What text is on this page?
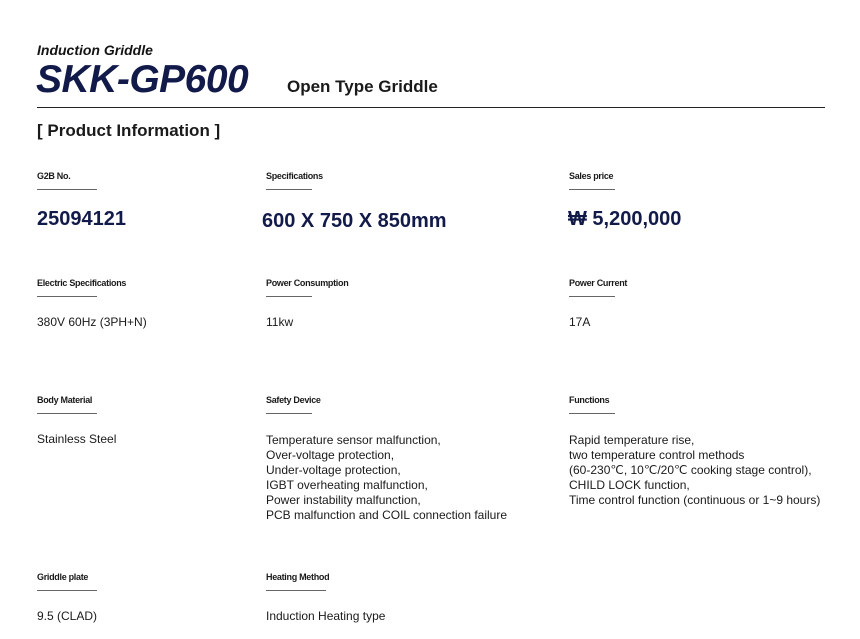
Induction Griddle
SKK-GP600 Open Type Griddle
[ Product Information ]
G2B No.
25094121
Specifications
600 X 750 X 850mm
Sales price
₩ 5,200,000
Electric Specifications
380V 60Hz (3PH+N)
Power Consumption
11kw
Power Current
17A
Body Material
Stainless Steel
Safety Device
Temperature sensor malfunction,
Over-voltage protection,
Under-voltage protection,
IGBT overheating malfunction,
Power instability malfunction,
PCB malfunction and COIL connection failure
Functions
Rapid temperature rise,
two temperature control methods
(60-230℃, 10℃/20℃ cooking stage control),
CHILD LOCK function,
Time control function (continuous or 1~9 hours)
Griddle plate
9.5 (CLAD)
Heating Method
Induction Heating type
